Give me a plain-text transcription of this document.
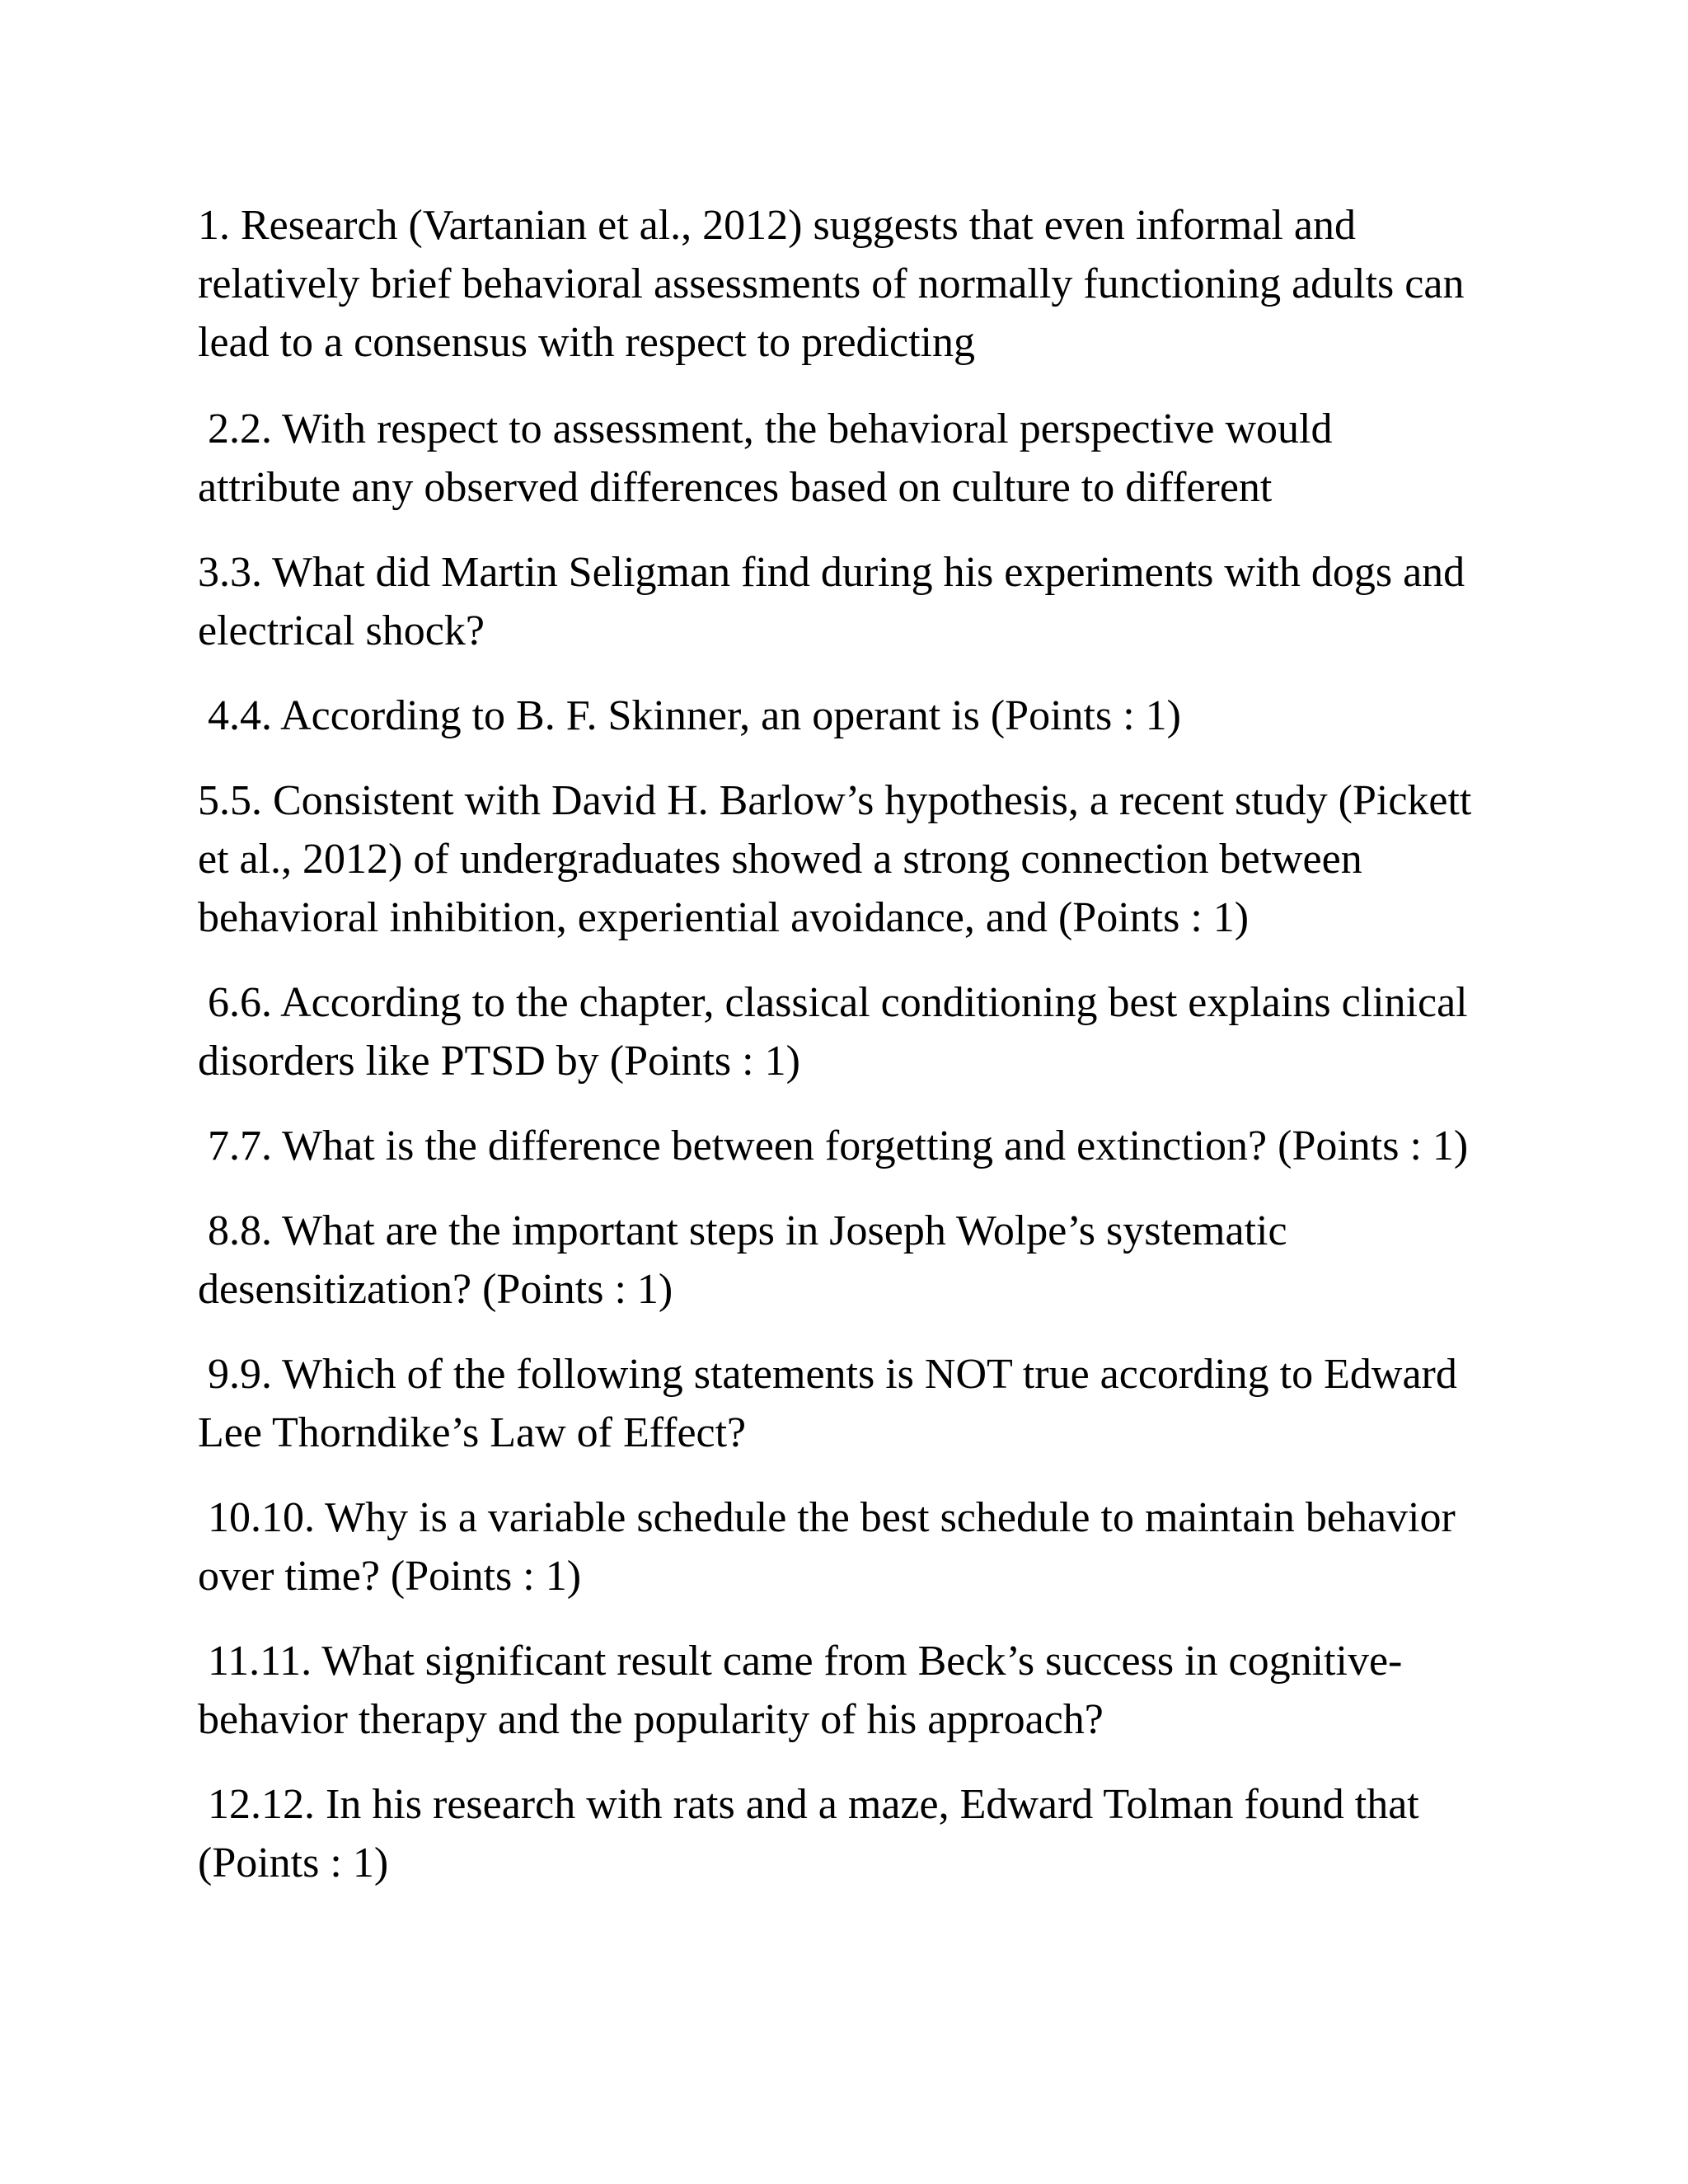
1. Research (Vartanian et al., 2012) suggests that even informal and relatively brief behavioral assessments of normally functioning adults can lead to a consensus with respect to predicting

2.2. With respect to assessment, the behavioral perspective would attribute any observed differences based on culture to different

3.3. What did Martin Seligman find during his experiments with dogs and electrical shock?

4.4. According to B. F. Skinner, an operant is (Points : 1)

5.5. Consistent with David H. Barlow’s hypothesis, a recent study (Pickett et al., 2012) of undergraduates showed a strong connection between behavioral inhibition, experiential avoidance, and (Points : 1)

6.6. According to the chapter, classical conditioning best explains clinical disorders like PTSD by (Points : 1)

7.7. What is the difference between forgetting and extinction? (Points : 1)

8.8. What are the important steps in Joseph Wolpe’s systematic desensitization? (Points : 1)

9.9. Which of the following statements is NOT true according to Edward Lee Thorndike’s Law of Effect?

10.10. Why is a variable schedule the best schedule to maintain behavior over time? (Points : 1)

11.11. What significant result came from Beck’s success in cognitive-behavior therapy and the popularity of his approach?

12.12. In his research with rats and a maze, Edward Tolman found that (Points : 1)
